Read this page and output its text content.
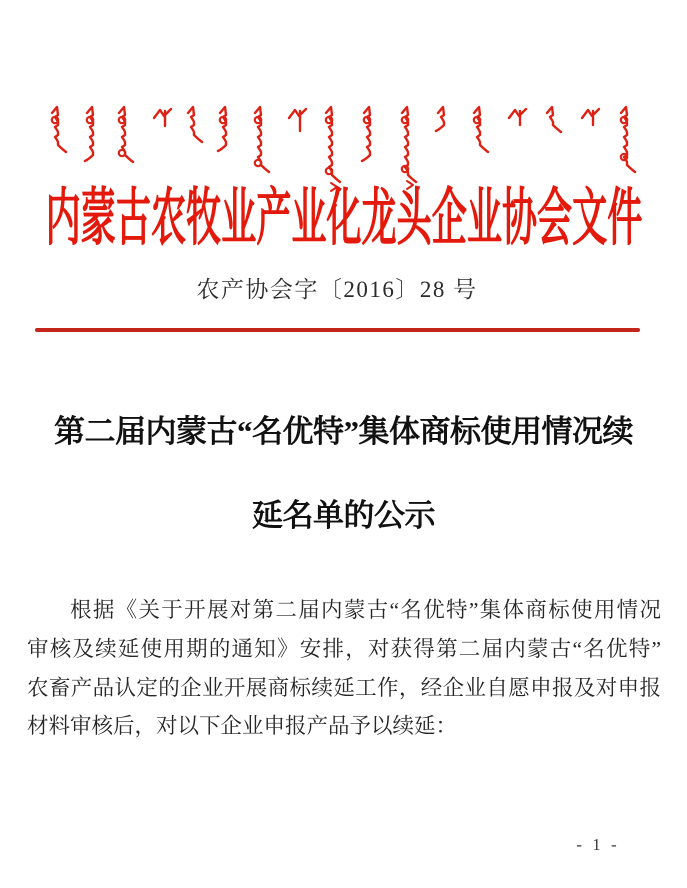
内蒙古农牧业产业化龙头企业协会文件
农产协会字〔2016〕28 号
第二届内蒙古“名优特”集体商标使用情况续
延名单的公示
根据《关于开展对第二届内蒙古“名优特”集体商标使用情况
审核及续延使用期的通知》安排，对获得第二届内蒙古“名优特”
农畜产品认定的企业开展商标续延工作，经企业自愿申报及对申报
材料审核后，对以下企业申报产品予以续延：
- 1 -
